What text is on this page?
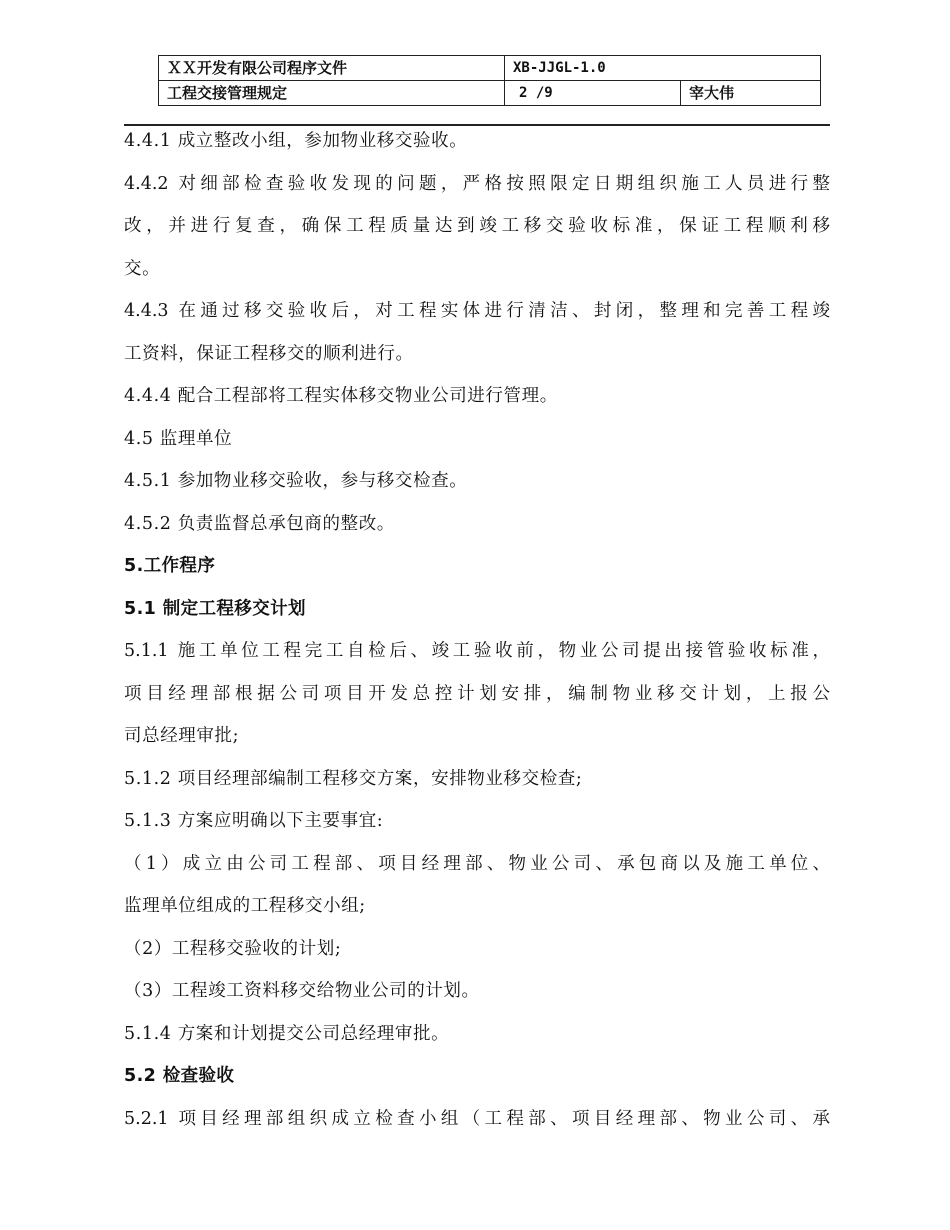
ＸＸ开发有限公司程序文件	XB-JJGL-1.0	
工程交接管理规定	2 /9	宰大伟
4.4.1 成立整改小组，参加物业移交验收。
4.4.2 对细部检查验收发现的问题，严格按照限定日期组织施工人员进行整
改，并进行复查，确保工程质量达到竣工移交验收标准，保证工程顺利移
交。
4.4.3 在通过移交验收后，对工程实体进行清洁、封闭，整理和完善工程竣
工资料，保证工程移交的顺利进行。
4.4.4 配合工程部将工程实体移交物业公司进行管理。
4.5 监理单位
4.5.1 参加物业移交验收，参与移交检查。
4.5.2 负责监督总承包商的整改。
5.工作程序
5.1 制定工程移交计划
5.1.1 施工单位工程完工自检后、竣工验收前，物业公司提出接管验收标准，
项目经理部根据公司项目开发总控计划安排，编制物业移交计划，上报公
司总经理审批;
5.1.2 项目经理部编制工程移交方案，安排物业移交检查;
5.1.3 方案应明确以下主要事宜:
（1）成立由公司工程部、项目经理部、物业公司、承包商以及施工单位、
监理单位组成的工程移交小组;
（2）工程移交验收的计划;
（3）工程竣工资料移交给物业公司的计划。
5.1.4 方案和计划提交公司总经理审批。
5.2 检查验收
5.2.1 项目经理部组织成立检查小组（工程部、项目经理部、物业公司、承
